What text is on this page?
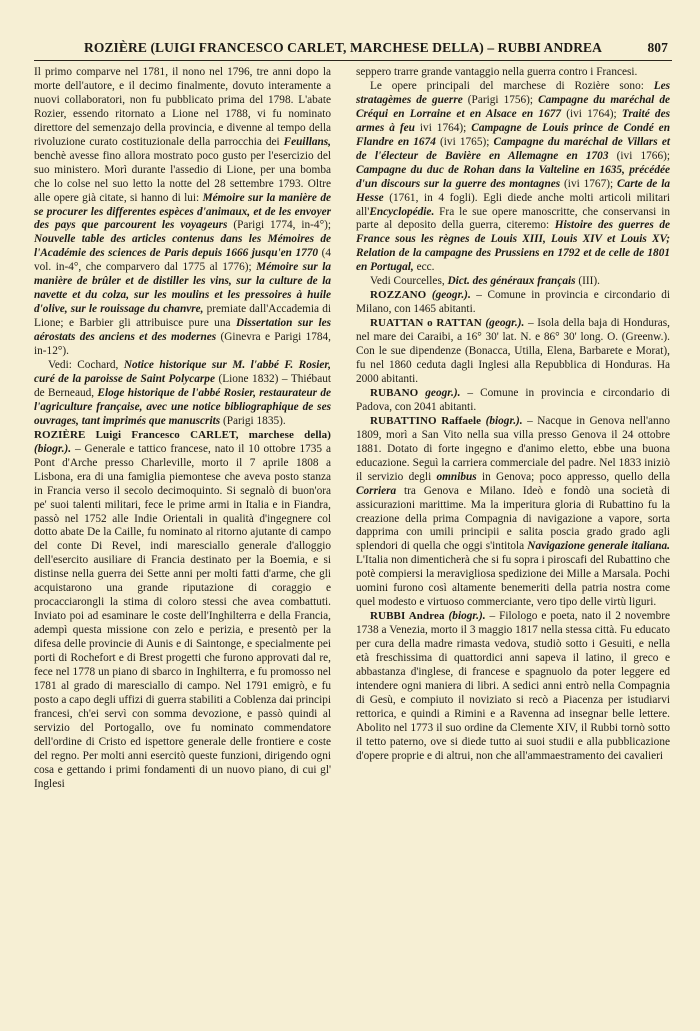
ROZIÈRE (LUIGI FRANCESCO CARLET, MARCHESE DELLA) – RUBBI ANDREA	807

Il primo comparve nel 1781, il nono nel 1796, tre anni dopo la morte dell'autore, e il decimo finalmente, dovuto interamente a nuovi collaboratori, non fu pubblicato prima del 1798. L'abate Rozier, essendo ritornato a Lione nel 1788, vi fu nominato direttore del semenzajo della provincia, e divenne al tempo della rivoluzione curato costituzionale della parrocchia dei Feuillans, benchè avesse fino allora mostrato poco gusto per l'esercizio del suo ministero. Morì durante l'assedio di Lione, per una bomba che lo colse nel suo letto la notte del 28 settembre 1793. Oltre alle opere già citate, si hanno di lui: Mémoire sur la manière de se procurer les differentes espèces d'animaux, et de les envoyer des pays que parcourent les voyageurs (Parigi 1774, in-4°); Nouvelle table des articles contenus dans les Mémoires de l'Académie des sciences de Paris depuis 1666 jusqu'en 1770 (4 vol. in-4°, che comparvero dal 1775 al 1776); Mémoire sur la manière de brûler et de distiller les vins, sur la culture de la navette et du colza, sur les moulins et les pressoires à huile d'olive, sur le rouissage du chanvre, premiate dall'Accademia di Lione; e Barbier gli attribuisce pure una Dissertation sur les aérostats des anciens et des modernes (Ginevra e Parigi 1784, in-12°).

Vedi: Cochard, Notice historique sur M. l'abbé F. Rosier, curé de la paroisse de Saint Polycarpe (Lione 1832) – Thiébaut de Berneaud, Eloge historique de l'abbé Rosier, restaurateur de l'agriculture française, avec une notice bibliographique de ses ouvrages, tant imprimés que manuscrits (Parigi 1835).

ROZIÈRE Luigi Francesco CARLET, marchese della) (biogr.). – Generale e tattico francese, nato il 10 ottobre 1735 a Pont d'Arche presso Charleville, morto il 7 aprile 1808 a Lisbona, era di una famiglia piemontese che aveva posto stanza in Francia verso il secolo decimoquinto. Si segnalò di buon'ora pe' suoi talenti militari, fece le prime armi in Italia e in Fiandra, passò nel 1752 alle Indie Orientali in qualità d'ingegnere col dotto abate De la Caille, fu nominato al ritorno ajutante di campo del conte Di Revel, indi maresciallo generale d'alloggio dell'esercito ausiliare di Francia destinato per la Boemia, e si distinse nella guerra dei Sette anni per molti fatti d'arme, che gli acquistarono una grande riputazione di coraggio e procacciarongli la stima di coloro stessi che avea combattuti. Inviato poi ad esaminare le coste dell'Inghilterra e della Francia, adempì questa missione con zelo e perizia, e presentò per la difesa delle provincie di Aunis e di Saintonge, e specialmente pei porti di Rochefort e di Brest progetti che furono approvati dal re, fece nel 1778 un piano di sbarco in Inghilterra, e fu promosso nel 1781 al grado di maresciallo di campo. Nel 1791 emigrò, e fu posto a capo degli uffizi di guerra stabiliti a Coblenza dai principi francesi, ch'ei servì con somma devozione, e passò quindi al servizio del Portogallo, ove fu nominato commendatore dell'ordine di Cristo ed ispettore generale delle frontiere e coste del regno. Per molti anni esercitò queste funzioni, dirigendo ogni cosa e gettando i primi fondamenti di un nuovo piano, di cui gl' Inglesi

seppero trarre grande vantaggio nella guerra contro i Francesi.

Le opere principali del marchese di Rozière sono: Les stratagèmes de guerre (Parigi 1756); Campagne du maréchal de Créqui en Lorraine et en Alsace en 1677 (ivi 1764); Traité des armes à feu ivi 1764); Campagne de Louis prince de Condé en Flandre en 1674 (ivi 1765); Campagne du maréchal de Villars et de l'électeur de Bavière en Allemagne en 1703 (ivi 1766); Campagne du duc de Rohan dans la Valteline en 1635, précédée d'un discours sur la guerre des montagnes (ivi 1767); Carte de la Hesse (1761, in 4 fogli). Egli diede anche molti articoli militari all'Encyclopédie. Fra le sue opere manoscritte, che conservansi in parte al deposito della guerra, citeremo: Histoire des guerres de France sous les règnes de Louis XIII, Louis XIV et Louis XV; Relation de la campagne des Prussiens en 1792 et de celle de 1801 en Portugal, ecc.

Vedi Courcelles, Dict. des généraux français (III).

ROZZANO (geogr.). – Comune in provincia e circondario di Milano, con 1465 abitanti.

RUATTAN o RATTAN (geogr.). – Isola della baja di Honduras, nel mare dei Caraibi, a 16° 30' lat. N. e 86° 30' long. O. (Greenw.). Con le sue dipendenze (Bonacca, Utilla, Elena, Barbarete e Morat), fu nel 1860 ceduta dagli Inglesi alla Repubblica di Honduras. Ha 2000 abitanti.

RUBANO geogr.). – Comune in provincia e circondario di Padova, con 2041 abitanti.

RUBATTINO Raffaele (biogr.). – Nacque in Genova nell'anno 1809, morì a San Vito nella sua villa presso Genova il 24 ottobre 1881. Dotato di forte ingegno e d'animo eletto, ebbe una buona educazione. Seguì la carriera commerciale del padre. Nel 1833 iniziò il servizio degli omnibus in Genova; poco appresso, quello della Corriera tra Genova e Milano. Ideò e fondò una società di assicurazioni marittime. Ma la imperitura gloria di Rubattino fu la creazione della prima Compagnia di navigazione a vapore, sorta dapprima con umili principii e salita poscia grado grado agli splendori di quella che oggi s'intitola Navigazione generale italiana. L'Italia non dimenticherà che si fu sopra i piroscafi del Rubattino che potè compiersi la meravigliosa spedizione dei Mille a Marsala. Pochi uomini furono così altamente benemeriti della patria nostra come quel modesto e virtuoso commerciante, vero tipo delle virtù liguri.

RUBBI Andrea (biogr.). – Filologo e poeta, nato il 2 novembre 1738 a Venezia, morto il 3 maggio 1817 nella stessa città. Fu educato per cura della madre rimasta vedova, studiò sotto i Gesuiti, e nella età freschissima di quattordici anni sapeva il latino, il greco e abbastanza d'inglese, di francese e spagnuolo da poter leggere ed intendere ogni maniera di libri. A sedici anni entrò nella Compagnia di Gesù, e compiuto il noviziato si recò a Piacenza per istudiarvi rettorica, e quindi a Rimini e a Ravenna ad insegnar belle lettere. Abolito nel 1773 il suo ordine da Clemente XIV, il Rubbi tornò sotto il tetto paterno, ove si diede tutto ai suoi studii e alla pubblicazione d'opere proprie e di altrui, non che all'ammaestramento dei cavalieri
